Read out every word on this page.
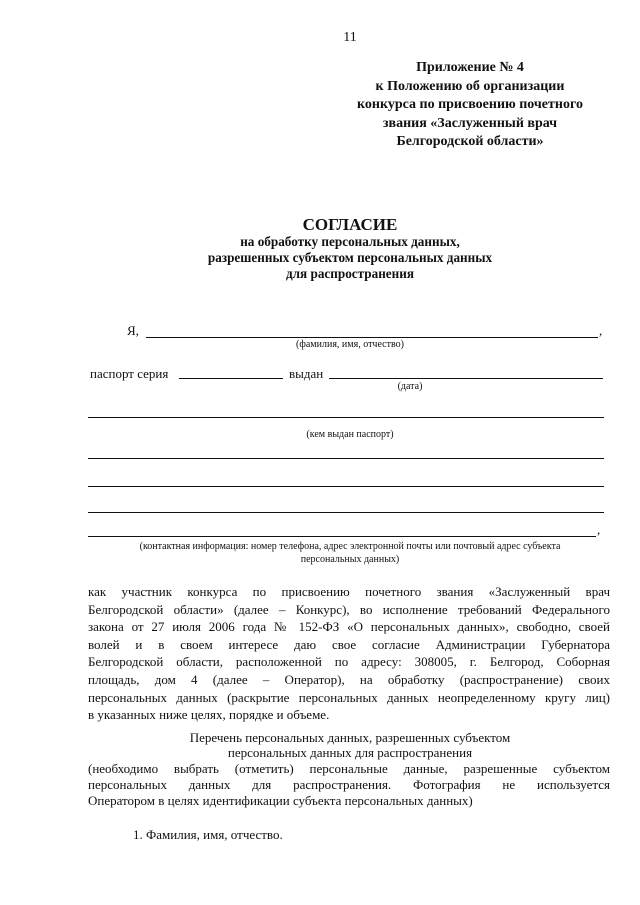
11
Приложение № 4
к Положению об организации
конкурса по присвоению почетного
звания «Заслуженный врач
Белгородской области»
СОГЛАСИЕ
на обработку персональных данных,
разрешенных субъектом персональных данных
для распространения
Я,	,
(фамилия, имя, отчество)
паспорт серия	выдан
(дата)
(кем выдан паспорт)
,
(контактная информация: номер телефона, адрес электронной почты или почтовый адрес субъекта
персональных данных)
как участник конкурса по присвоению почетного звания «Заслуженный врач
Белгородской области» (далее – Конкурс), во исполнение требований Федерального
закона от 27 июля 2006 года № 152-ФЗ «О персональных данных», свободно, своей
волей и в своем интересе даю свое согласие Администрации Губернатора
Белгородской области, расположенной по адресу: 308005, г. Белгород, Соборная
площадь, дом 4 (далее – Оператор), на обработку (распространение) своих
персональных данных (раскрытие персональных данных неопределенному кругу лиц)
в указанных ниже целях, порядке и объеме.
Перечень персональных данных, разрешенных субъектом
персональных данных для распространения
(необходимо выбрать (отметить) персональные данные, разрешенные субъектом
персональных данных для распространения. Фотография не используется
Оператором в целях идентификации субъекта персональных данных)
1. Фамилия, имя, отчество.
